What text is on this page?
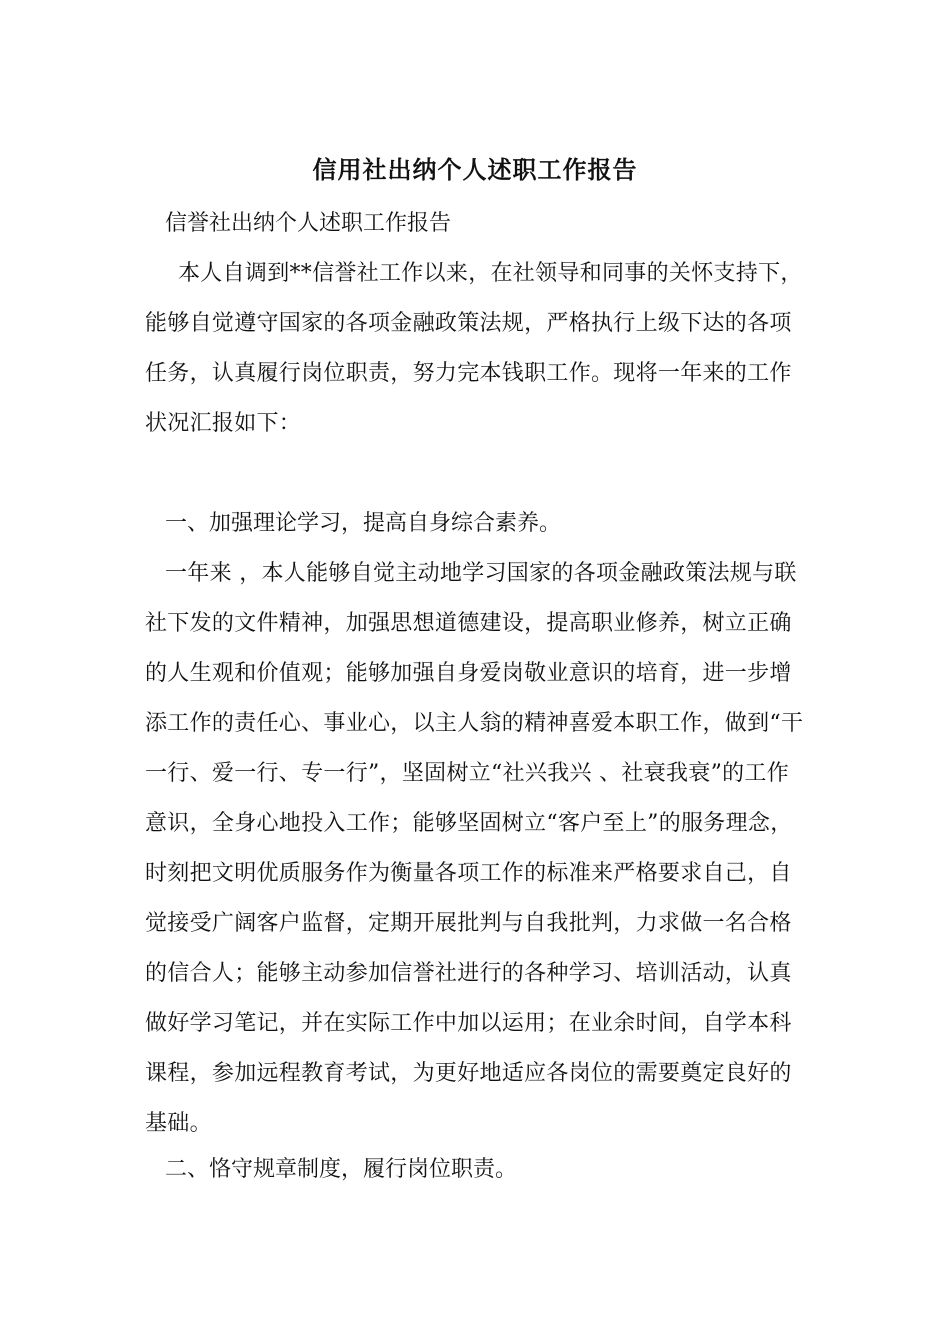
信用社出纳个人述职工作报告
信誉社出纳个人述职工作报告
本人自调到**信誉社工作以来，在社领导和同事的关怀支持下，能够自觉遵守国家的各项金融政策法规，严格执行上级下达的各项任务，认真履行岗位职责，努力完本钱职工作。现将一年来的工作状况汇报如下：
一、加强理论学习，提高自身综合素养。
一年来 ，本人能够自觉主动地学习国家的各项金融政策法规与联社下发的文件精神，加强思想道德建设，提高职业修养，树立正确的人生观和价值观；能够加强自身爱岗敬业意识的培育，进一步增添工作的责任心、事业心，以主人翁的精神喜爱本职工作，做到“干一行、爱一行、专一行”，坚固树立“社兴我兴 、社衰我衰”的工作意识，全身心地投入工作；能够坚固树立“客户至上”的服务理念，时刻把文明优质服务作为衡量各项工作的标准来严格要求自己，自觉接受广阔客户监督，定期开展批判与自我批判，力求做一名合格的信合人；能够主动参加信誉社进行的各种学习、培训活动，认真做好学习笔记，并在实际工作中加以运用；在业余时间，自学本科课程，参加远程教育考试，为更好地适应各岗位的需要奠定良好的基础。
二、恪守规章制度，履行岗位职责。
